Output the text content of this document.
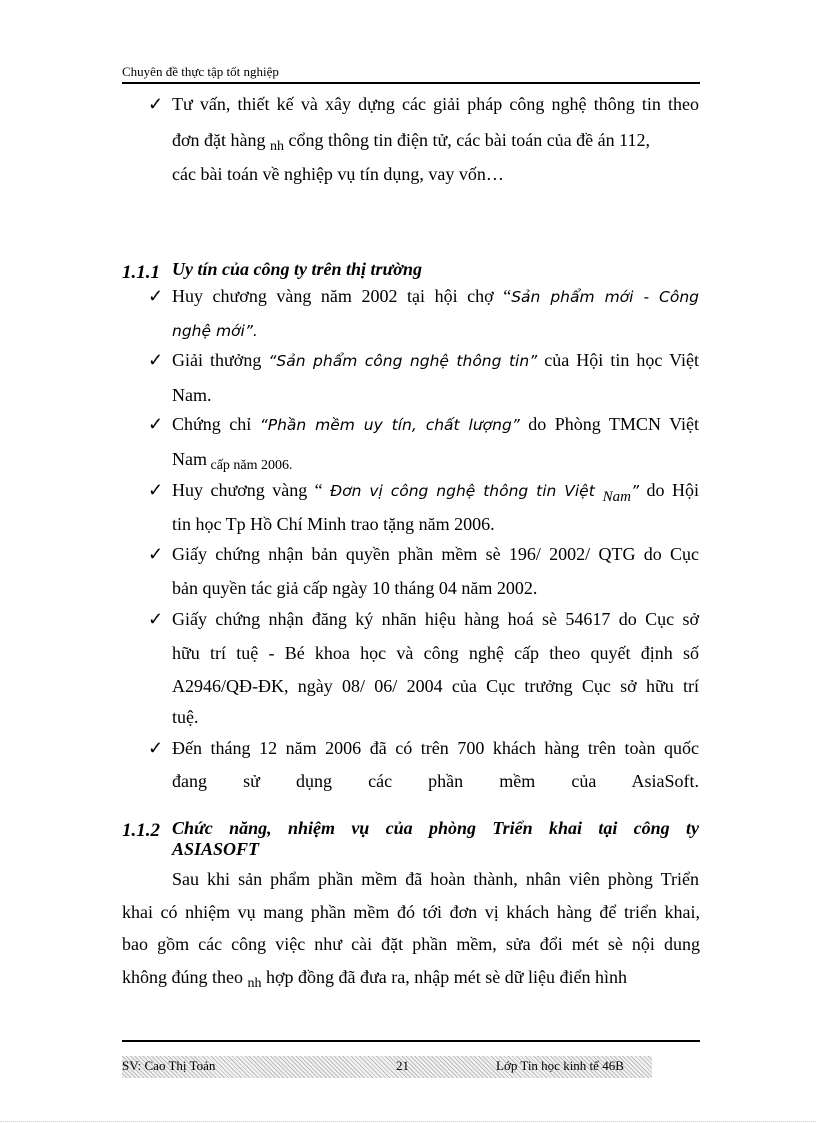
Chuyên đề thực tập tốt nghiệp
✓ Tư vấn, thiết kế và xây dựng các giải pháp công nghệ thông tin theo
đơn đặt hàng $_{nh}$ cổng thông tin điện tử, các bài toán của đề án 112,
các bài toán về nghiệp vụ tín dụng, vay vốn…
1.1.1 Uy tín của công ty trên thị trường
✓ Huy chương vàng năm 2002 tại hội chợ “Sản phẩm mới - Công
nghệ mới”.
✓ Giải thưởng “Sản phẩm công nghệ thông tin” của Hội tin học Việt
Nam.
✓ Chứng chỉ “Phần mềm uy tín, chất lượng” do Phòng TMCN Việt
Nam $_{cấp năm 2006.}$
✓ Huy chương vàng “ Đơn vị công nghệ thông tin Việt $_{Nam}$” do Hội
tin học Tp Hồ Chí Minh trao tặng năm 2006.
✓ Giấy chứng nhận bản quyền phần mềm sè 196/ 2002/ QTG do Cục
bản quyền tác giả cấp ngày 10 tháng 04 năm 2002.
✓ Giấy chứng nhận đăng ký nhãn hiệu hàng hoá sè 54617 do Cục sở
hữu trí tuệ - Bé khoa học và công nghệ cấp theo quyết định số
A2946/QĐ-ĐK, ngày 08/ 06/ 2004 của Cục trưởng Cục sở hữu trí
tuệ.
✓ Đến tháng 12 năm 2006 đã có trên 700 khách hàng trên toàn quốc
đang sử dụng các phần mềm của AsiaSoft.
1.1.2 Chức năng, nhiệm vụ của phòng Triển khai tại công ty
ASIASOFT
Sau khi sản phẩm phần mềm đã hoàn thành, nhân viên phòng Triển
khai có nhiệm vụ mang phần mềm đó tới đơn vị khách hàng để triển khai,
bao gồm các công việc như cài đặt phần mềm, sửa đổi mét sè nội dung
không đúng theo $_{nh}$ hợp đồng đã đưa ra, nhập mét sè dữ liệu điển hình
SV: Cao Thị Toản	21	Lớp Tin học kinh tế 46B
